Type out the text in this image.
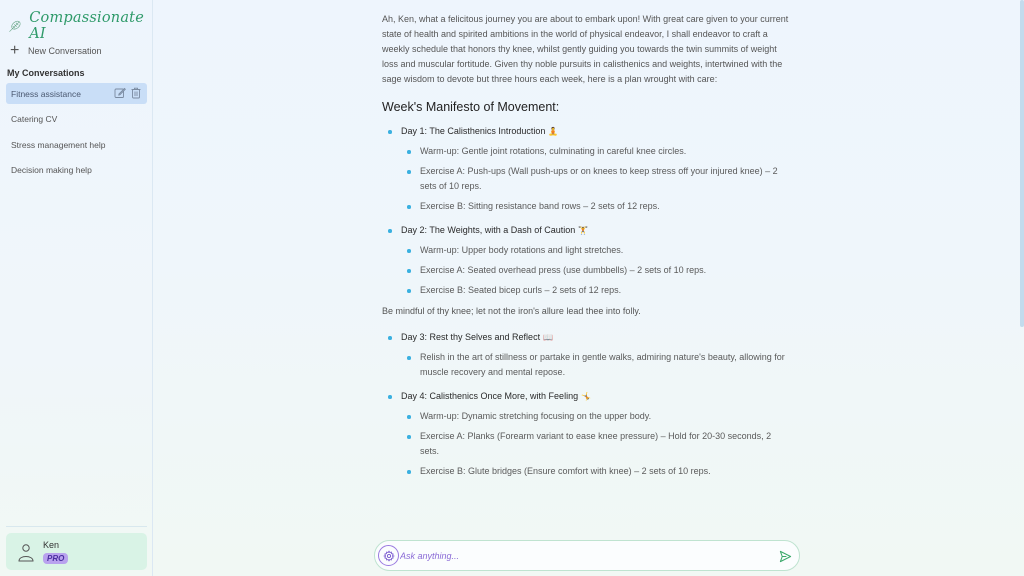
Compassionate AI
+ New Conversation
My Conversations
Fitness assistance
Catering CV
Stress management help
Decision making help
Ken
PRO

Ah, Ken, what a felicitous journey you are about to embark upon! With great care given to your current state of health and spirited ambitions in the world of physical endeavor, I shall endeavor to craft a weekly schedule that honors thy knee, whilst gently guiding you towards the twin summits of weight loss and muscular fortitude. Given thy noble pursuits in calisthenics and weights, intertwined with the sage wisdom to devote but three hours each week, here is a plan wrought with care:

Week's Manifesto of Movement:
Day 1: The Calisthenics Introduction 🧘
Warm-up: Gentle joint rotations, culminating in careful knee circles.
Exercise A: Push-ups (Wall push-ups or on knees to keep stress off your injured knee) – 2 sets of 10 reps.
Exercise B: Sitting resistance band rows – 2 sets of 12 reps.
Day 2: The Weights, with a Dash of Caution 🏋️
Warm-up: Upper body rotations and light stretches.
Exercise A: Seated overhead press (use dumbbells) – 2 sets of 10 reps.
Exercise B: Seated bicep curls – 2 sets of 12 reps.

Be mindful of thy knee; let not the iron's allure lead thee into folly.

Day 3: Rest thy Selves and Reflect 📖
Relish in the art of stillness or partake in gentle walks, admiring nature's beauty, allowing for muscle recovery and mental repose.
Day 4: Calisthenics Once More, with Feeling 🤸
Warm-up: Dynamic stretching focusing on the upper body.
Exercise A: Planks (Forearm variant to ease knee pressure) – Hold for 20-30 seconds, 2 sets.
Exercise B: Glute bridges (Ensure comfort with knee) – 2 sets of 10 reps.
Ask anything...
